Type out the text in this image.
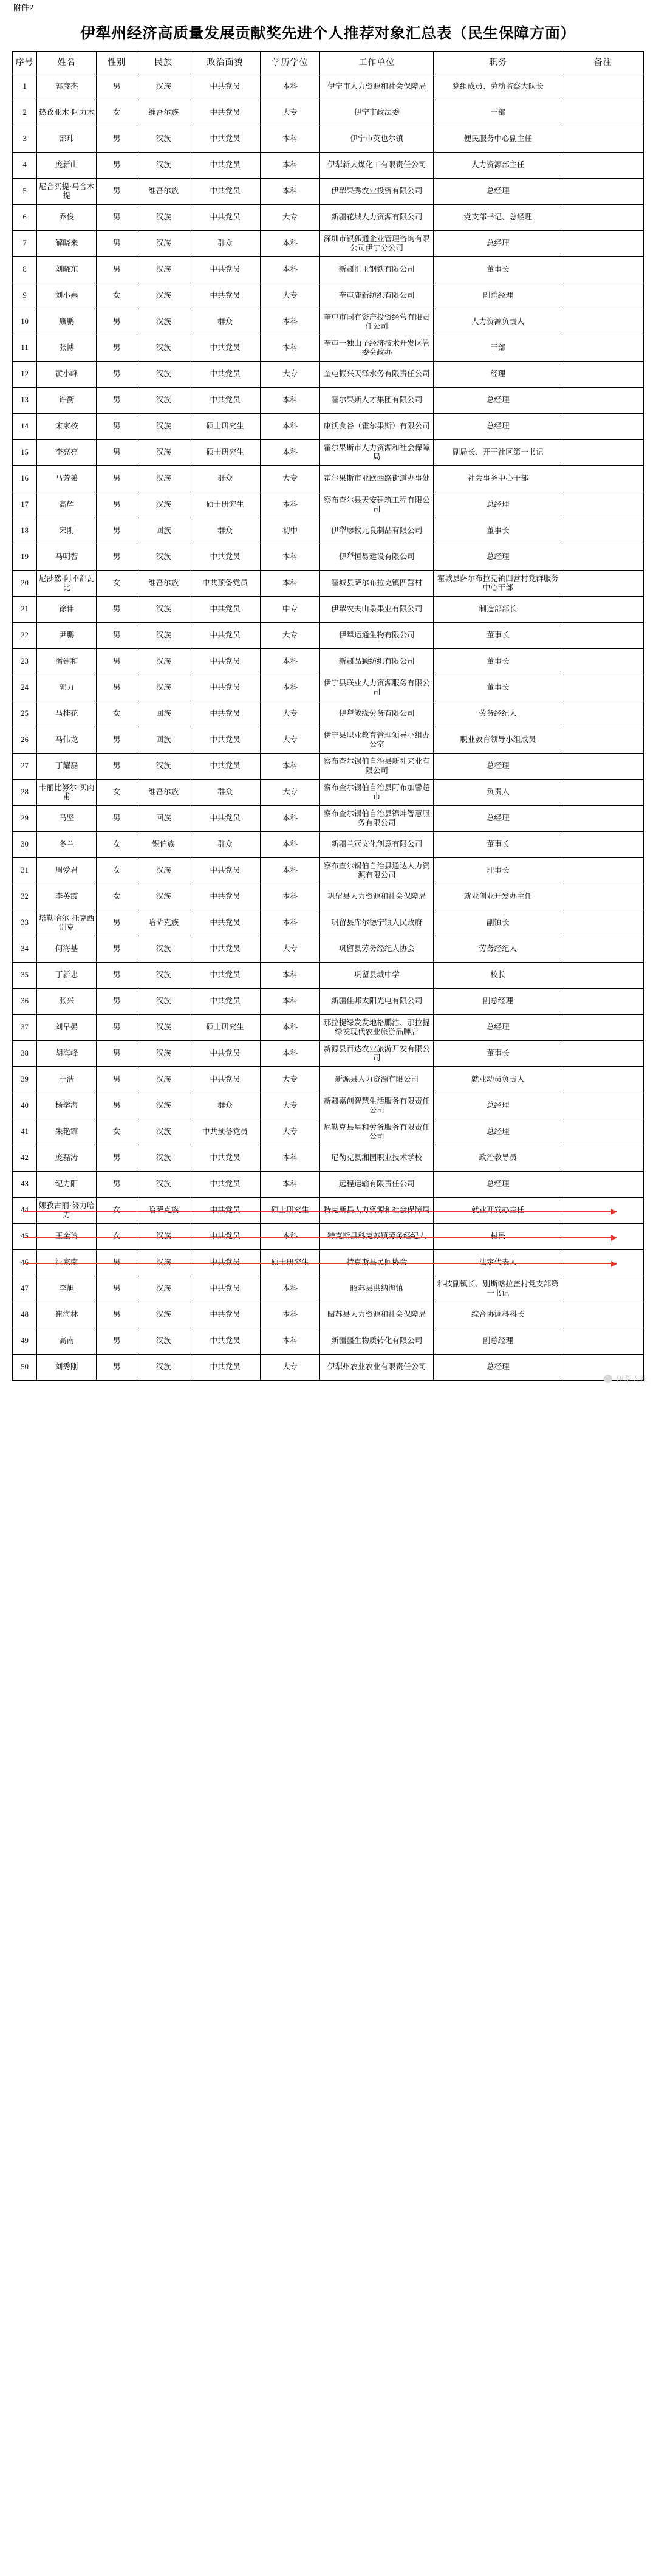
附件2
伊犁州经济高质量发展贡献奖先进个人推荐对象汇总表（民生保障方面）
序号	姓名	性别	民族	政治面貌	学历学位	工作单位	职务	备注
1	郭彦杰	男	汉族	中共党员	本科	伊宁市人力资源和社会保障局	党组成员、劳动监察大队长	
2	热孜亚木·阿力木	女	维吾尔族	中共党员	大专	伊宁市政法委	干部	
3	邵玮	男	汉族	中共党员	本科	伊宁市英也尔镇	便民服务中心副主任	
4	庞新山	男	汉族	中共党员	本科	伊犁新大煤化工有限责任公司	人力资源部主任	
5	尼合买提·马合木提	男	维吾尔族	中共党员	本科	伊犁果秀农业投资有限公司	总经理	
6	乔俊	男	汉族	中共党员	大专	新疆花城人力资源有限公司	党支部书记、总经理	
7	解晓来	男	汉族	群众	本科	深圳市银狐通企业管理咨询有限公司伊宁分公司	总经理	
8	刘晓东	男	汉族	中共党员	本科	新疆汇玉钢铁有限公司	董事长	
9	刘小燕	女	汉族	中共党员	大专	奎屯鹿新纺织有限公司	副总经理	
10	康鹏	男	汉族	群众	本科	奎屯市国有资产投资经营有限责任公司	人力资源负责人	
11	张博	男	汉族	中共党员	本科	奎屯一独山子经济技术开发区管委会政办	干部	
12	黄小峰	男	汉族	中共党员	大专	奎屯振兴天泽水务有限责任公司	经理	
13	许衡	男	汉族	中共党员	本科	霍尔果斯人才集团有限公司	总经理	
14	宋家校	男	汉族	硕士研究生	本科	康沃食谷（霍尔果斯）有限公司	总经理	
15	李亮亮	男	汉族	硕士研究生	本科	霍尔果斯市人力资源和社会保障局	副局长、开干社区第一书记	
16	马芳弟	男	汉族	群众	大专	霍尔果斯市亚欧西路街道办事处	社会事务中心干部	
17	高辉	男	汉族	硕士研究生	本科	察布查尔县天安建筑工程有限公司	总经理	
18	宋刚	男	回族	群众	初中	伊犁廖牧元良制品有限公司	董事长	
19	马明智	男	汉族	中共党员	本科	伊犁恒易建设有限公司	总经理	
20	尼莎然·阿不都瓦比	女	维吾尔族	中共预备党员	本科	霍城县萨尔布拉克镇四营村	霍城县萨尔布拉克镇四营村党群服务中心干部	
21	徐伟	男	汉族	中共党员	中专	伊犁农夫山泉果业有限公司	制造部部长	
22	尹鹏	男	汉族	中共党员	大专	伊犁运通生物有限公司	董事长	
23	潘建和	男	汉族	中共党员	本科	新疆品颖纺织有限公司	董事长	
24	郭力	男	汉族	中共党员	本科	伊宁县联业人力资源服务有限公司	董事长	
25	马桂花	女	回族	中共党员	大专	伊犁敏缘劳务有限公司	劳务经纪人	
26	马伟龙	男	回族	中共党员	大专	伊宁县职业教育管理领导小组办公室	职业教育领导小组成员	
27	丁耀磊	男	汉族	中共党员	本科	察布查尔锡伯自治县新社来业有限公司	总经理	
28	卡丽比努尔·买肉甫	女	维吾尔族	群众	大专	察布查尔锡伯自治县阿布加馨超市	负责人	
29	马坚	男	回族	中共党员	本科	察布查尔锡伯自治县锦坤智慧服务有限公司	总经理	
30	冬兰	女	锡伯族	群众	本科	新疆兰冠文化创意有限公司	董事长	
31	周爱君	女	汉族	中共党员	本科	察布查尔锡伯自治县通达人力资源有限公司	理事长	
32	李英霞	女	汉族	中共党员	本科	巩留县人力资源和社会保障局	就业创业开发办主任	
33	塔勒哈尔·托克西别克	男	哈萨克族	中共党员	本科	巩留县库尔德宁镇人民政府	副镇长	
34	何海基	男	汉族	中共党员	大专	巩留县劳务经纪人协会	劳务经纪人	
35	丁新忠	男	汉族	中共党员	本科	巩留县城中学	校长	
36	张兴	男	汉族	中共党员	本科	新疆佳邦太阳光电有限公司	副总经理	
37	刘早晏	男	汉族	硕士研究生	本科	那拉提绿发发地格鹏浩、那拉提绿发现代农业旅游品牌店	总经理	
38	胡海峰	男	汉族	中共党员	本科	新源县百达农业旅游开发有限公司	董事长	
39	于浩	男	汉族	中共党员	大专	新源县人力资源有限公司	就业动员负责人	
40	杨学海	男	汉族	群众	大专	新疆嘉创智慧生活服务有限责任公司	总经理	
41	朱艳霏	女	汉族	中共预备党员	大专	尼勒克县星和劳务服务有限责任公司	总经理	
42	庞磊涛	男	汉族	中共党员	本科	尼勒克县湘园职业技术学校	政治教导员	
43	纪力阳	男	汉族	中共党员	本科	远程运输有限责任公司	总经理	
44	娜孜古丽·努力哈力	女	哈萨克族	中共党员	硕士研究生	特克斯县人力资源和社会保障局	就业开发办主任	
45	王金玲	女	汉族	中共党员	本科	特克斯县科克苏镇劳务经纪人	村民	
46	汪家南	男	汉族	中共党员	硕士研究生	特克斯县民间协会	法定代表人	
47	李旭	男	汉族	中共党员	本科	昭苏县洪纳海镇	科技副镇长、别斯喀拉盖村党支部第一书记	
48	崔海林	男	汉族	中共党员	本科	昭苏县人力资源和社会保障局	综合协调科科长	
49	高南	男	汉族	中共党员	本科	新疆疆生物质转化有限公司	副总经理	
50	刘秀刚	男	汉族	中共党员	大专	伊犁州农业农业有限责任公司	总经理	
伊犁人社
